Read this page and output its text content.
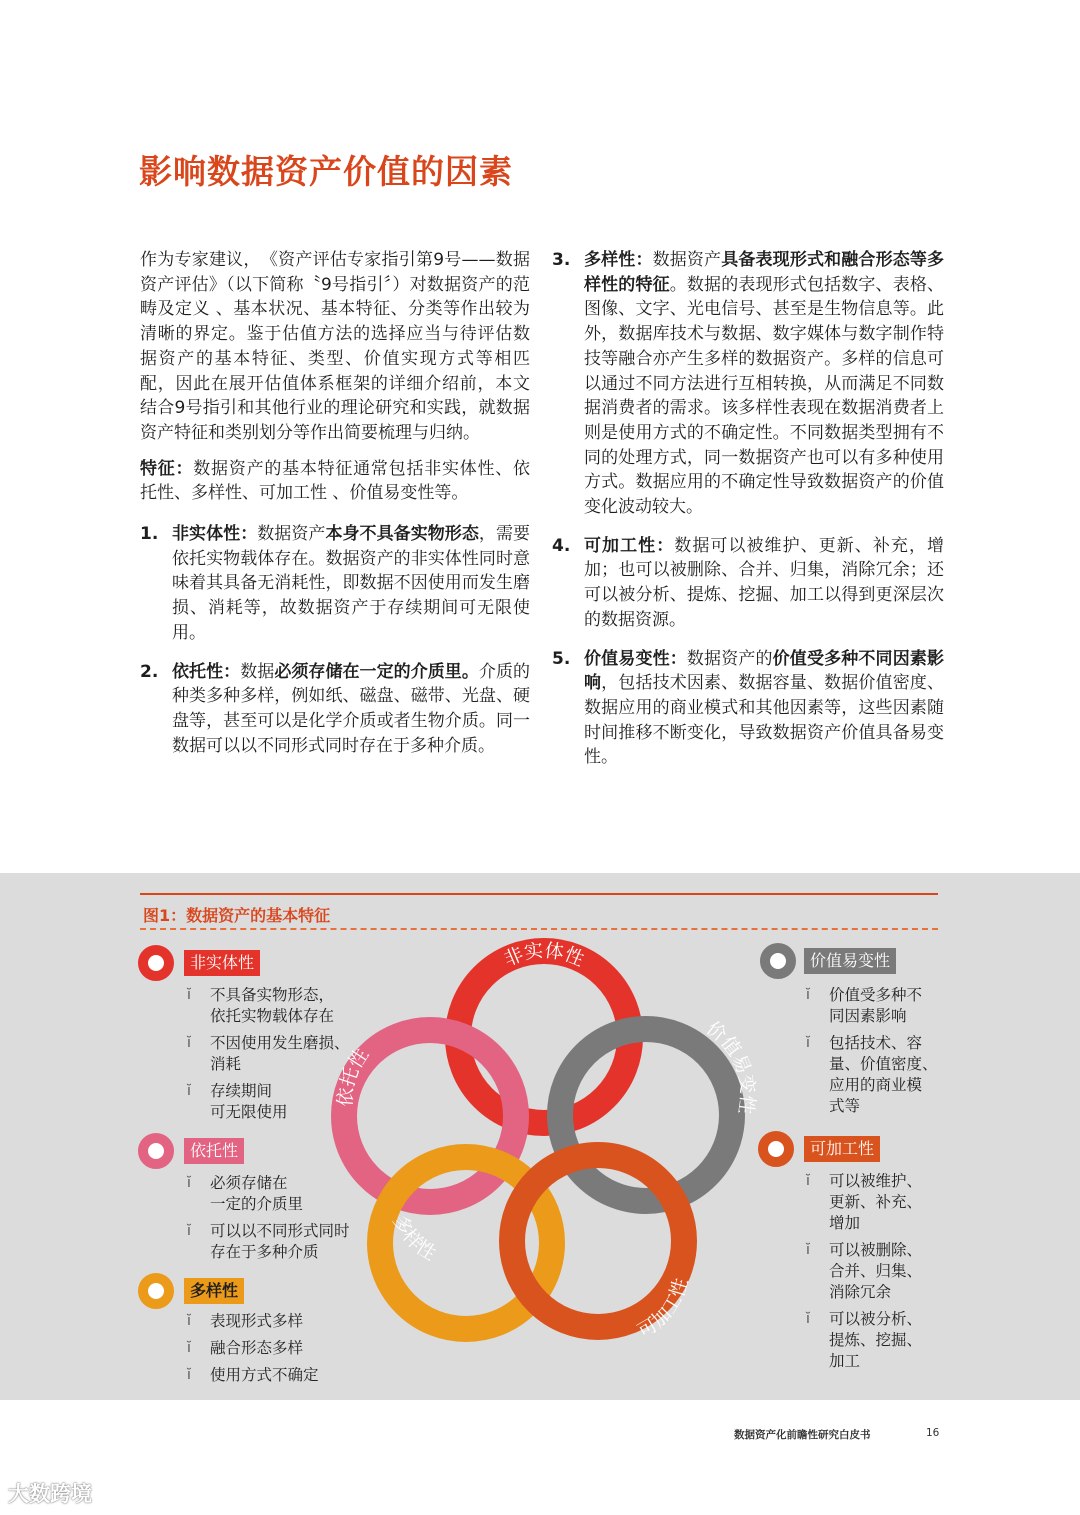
影响数据资产价值的因素

作为专家建议，　《资产评估专家指引第9号——数据资产评估》（以下简称〝9号指引〞）对数据资产的范畴及定义 、基本状况、基本特征、分类等作出较为清晰的界定。鉴于估值方法的选择应当与待评估数据资产的基本特征、类型、价值实现方式等相匹配，因此在展开估值体系框架的详细介绍前，本文结合9号指引和其他行业的理论研究和实践，就数据资产特征和类别划分等作出简要梳理与归纳。

特征：数据资产的基本特征通常包括非实体性、依托性、多样性、可加工性 、价值易变性等。

1. 非实体性：数据资产本身不具备实物形态，需要依托实物载体存在。数据资产的非实体性同时意味着其具备无消耗性，即数据不因使用而发生磨损、消耗等，故数据资产于存续期间可无限使用。

2. 依托性：数据必须存储在一定的介质里。介质的种类多种多样，例如纸、磁盘、磁带、光盘、硬盘等，甚至可以是化学介质或者生物介质。同一数据可以以不同形式同时存在于多种介质。

3. 多样性：数据资产具备表现形式和融合形态等多样性的特征。数据的表现形式包括数字、表格、图像、文字、光电信号、甚至是生物信息等。此外，数据库技术与数据、数字媒体与数字制作特技等融合亦产生多样的数据资产。多样的信息可以通过不同方法进行互相转换，从而满足不同数据消费者的需求。该多样性表现在数据消费者上则是使用方式的不确定性。不同数据类型拥有不同的处理方式，同一数据资产也可以有多种使用方式。数据应用的不确定性导致数据资产的价值变化波动较大。

4. 可加工性：数据可以被维护、更新、补充，增加；也可以被删除、合并、归集，消除冗余；还可以被分析、提炼、挖掘、加工以得到更深层次的数据资源。

5. 价值易变性：数据资产的价值受多种不同因素影响，包括技术因素、数据容量、数据价值密度、数据应用的商业模式和其他因素等，这些因素随时间推移不断变化，导致数据资产价值具备易变性。

图1：数据资产的基本特征
非实体性
价值易变性
可加工性
多样性
依托性
非实体性
ĭ 不具备实物形态，
依托实物载体存在
ĭ 不因使用发生磨损、
消耗
ĭ 存续期间
可无限使用
依托性
ĭ 必须存储在
一定的介质里
ĭ 可以以不同形式同时
存在于多种介质
多样性
ĭ 表现形式多样
ĭ 融合形态多样
ĭ 使用方式不确定
价值易变性
ĭ 价值受多种不
同因素影响
ĭ 包括技术、容
量、价值密度、
应用的商业模
式等
可加工性
ĭ 可以被维护、
更新、补充、
增加
ĭ 可以被删除、
合并、归集、
消除冗余
ĭ 可以被分析、
提炼、挖掘、
加工
数据资产化前瞻性研究白皮书	16
大数跨境
